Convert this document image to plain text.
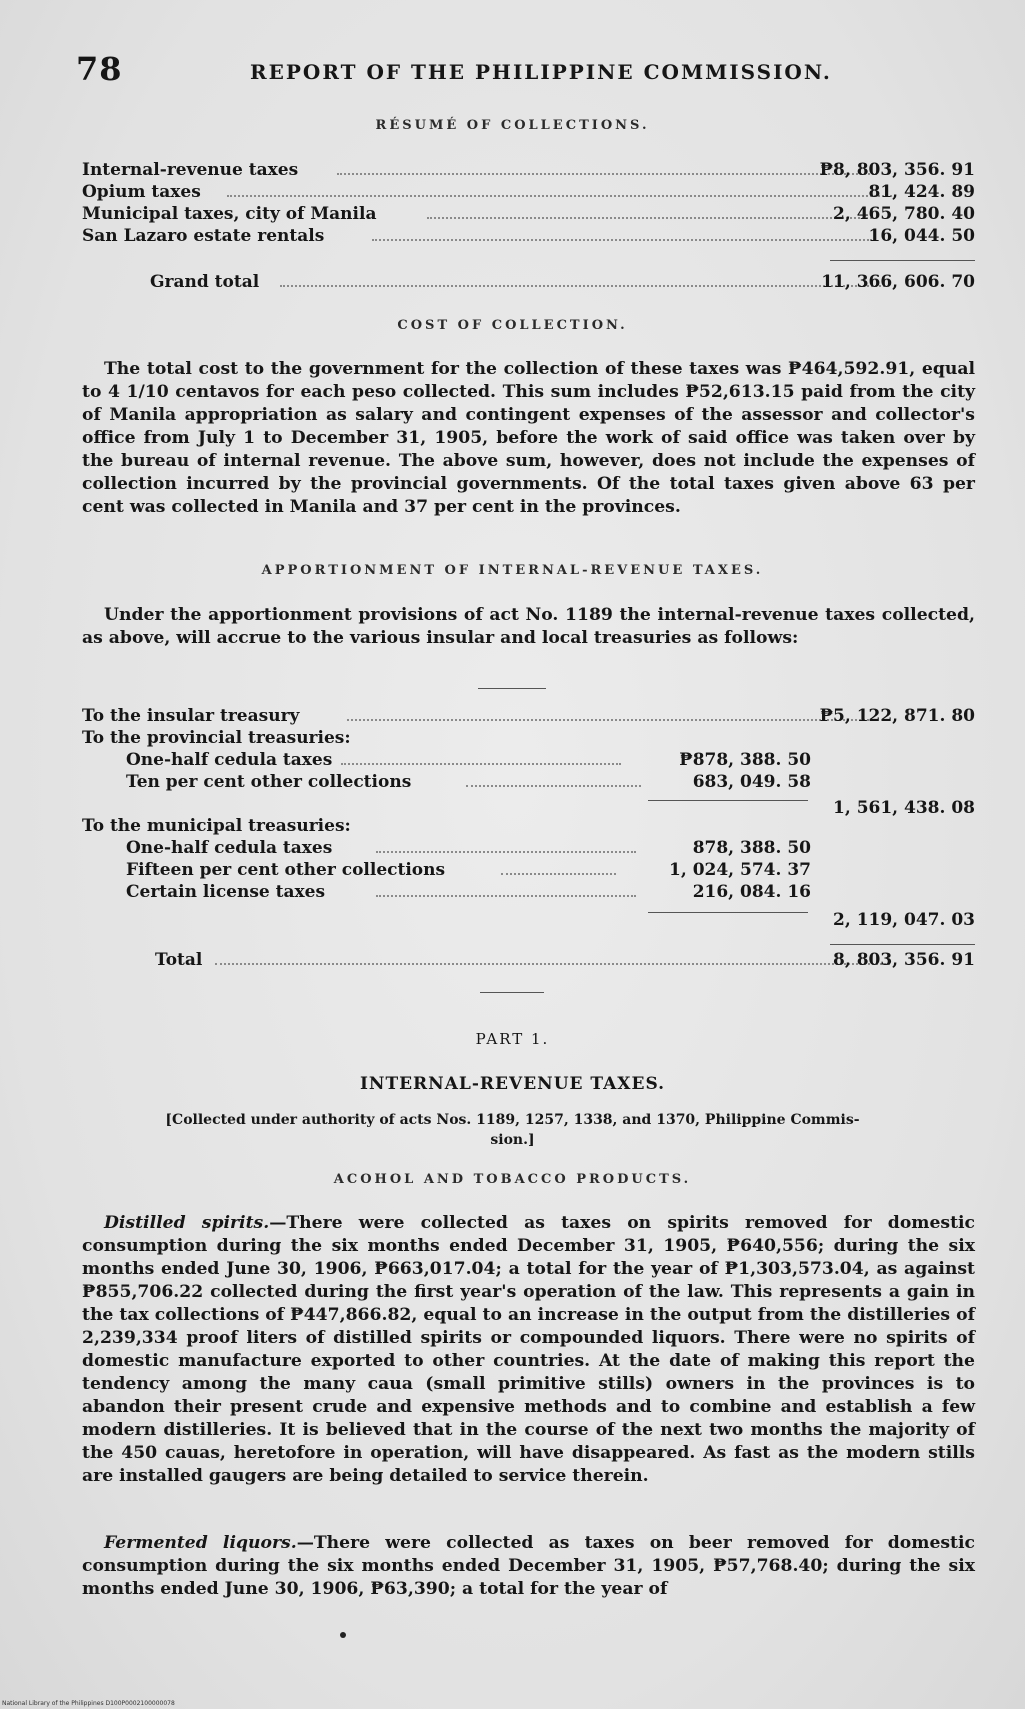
78	REPORT OF THE PHILIPPINE COMMISSION.
RÉSUMÉ OF COLLECTIONS.
Internal-revenue taxes	₱8, 803, 356. 91
Opium taxes	81, 424. 89
Municipal taxes, city of Manila	2, 465, 780. 40
San Lazaro estate rentals	16, 044. 50
Grand total	11, 366, 606. 70
COST OF COLLECTION.

The total cost to the government for the collection of these taxes was ₱464,592.91, equal to 4 1/10 centavos for each peso collected. This sum includes ₱52,613.15 paid from the city of Manila appropriation as salary and contingent expenses of the assessor and collector's office from July 1 to December 31, 1905, before the work of said office was taken over by the bureau of internal revenue. The above sum, however, does not include the expenses of collection incurred by the provincial governments. Of the total taxes given above 63 per cent was collected in Manila and 37 per cent in the provinces.

APPORTIONMENT OF INTERNAL-REVENUE TAXES.

Under the apportionment provisions of act No. 1189 the internal-revenue taxes collected, as above, will accrue to the various insular and local treasuries as follows:

To the insular treasury	₱5, 122, 871. 80
To the provincial treasuries:
One-half cedula taxes	₱878, 388. 50
Ten per cent other collections	683, 049. 58
1, 561, 438. 08
To the municipal treasuries:
One-half cedula taxes	878, 388. 50
Fifteen per cent other collections	1, 024, 574. 37
Certain license taxes	216, 084. 16
2, 119, 047. 03
Total	8, 803, 356. 91
PART 1.
INTERNAL-REVENUE TAXES.
[Collected under authority of acts Nos. 1189, 1257, 1338, and 1370, Philippine Commis-
sion.]
ACOHOL AND TOBACCO PRODUCTS.

Distilled spirits.—There were collected as taxes on spirits removed for domestic consumption during the six months ended December 31, 1905, ₱640,556; during the six months ended June 30, 1906, ₱663,017.04; a total for the year of ₱1,303,573.04, as against ₱855,706.22 collected during the first year's operation of the law. This represents a gain in the tax collections of ₱447,866.82, equal to an increase in the output from the distilleries of 2,239,334 proof liters of distilled spirits or compounded liquors. There were no spirits of domestic manufacture exported to other countries. At the date of making this report the tendency among the many caua (small primitive stills) owners in the provinces is to abandon their present crude and expensive methods and to combine and establish a few modern distilleries. It is believed that in the course of the next two months the majority of the 450 cauas, heretofore in operation, will have disappeared. As fast as the modern stills are installed gaugers are being detailed to service therein.

Fermented liquors.—There were collected as taxes on beer removed for domestic consumption during the six months ended December 31, 1905, ₱57,768.40; during the six months ended June 30, 1906, ₱63,390; a total for the year of

National Library of the Philippines D100P0002100000078
